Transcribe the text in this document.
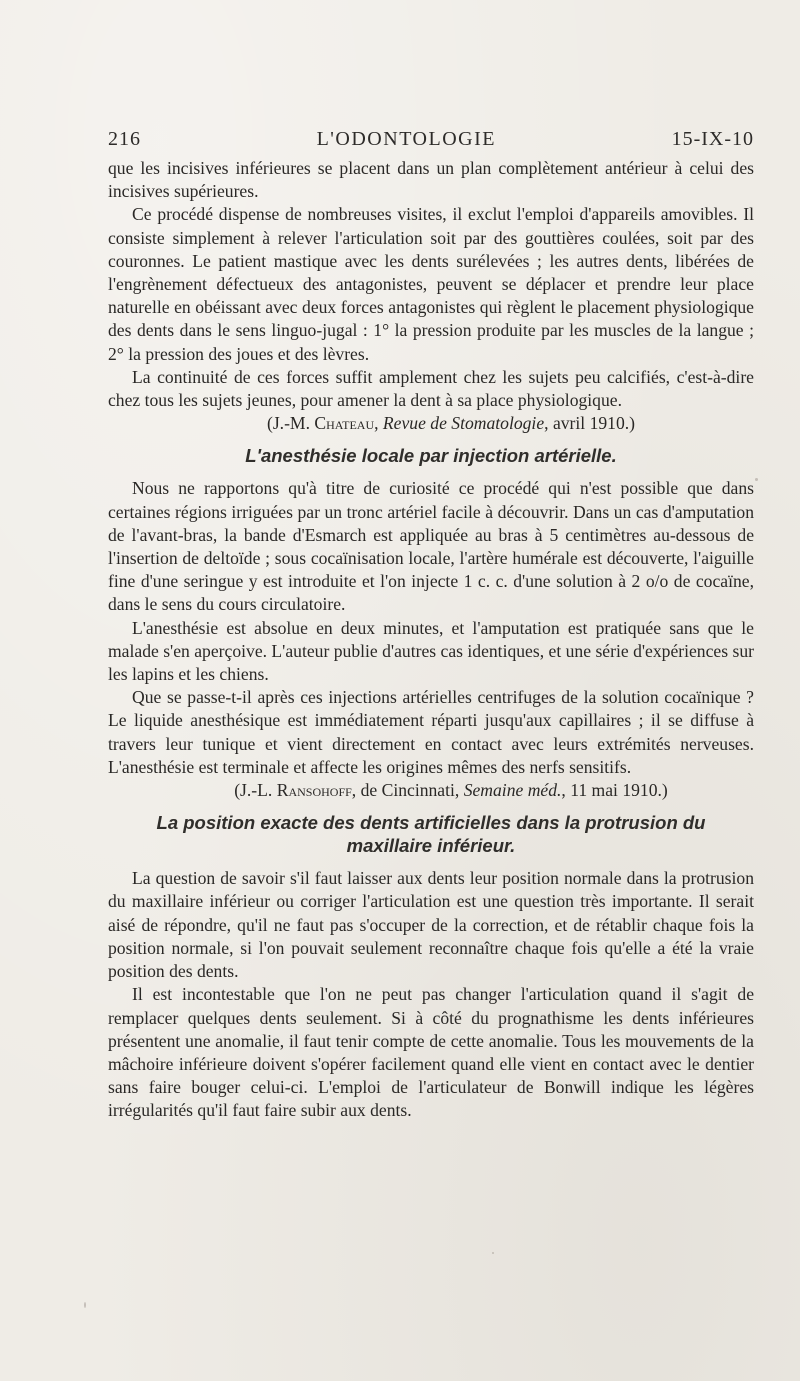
216	L'ODONTOLOGIE	15-IX-10

que les incisives inférieures se placent dans un plan complètement antérieur à celui des incisives supérieures.

Ce procédé dispense de nombreuses visites, il exclut l'emploi d'appareils amovibles. Il consiste simplement à relever l'articulation soit par des gouttières coulées, soit par des couronnes. Le patient mastique avec les dents surélevées ; les autres dents, libérées de l'engrènement défectueux des antagonistes, peuvent se déplacer et prendre leur place naturelle en obéissant avec deux forces antagonistes qui règlent le placement physiologique des dents dans le sens linguo-jugal : 1° la pression produite par les muscles de la langue ; 2° la pression des joues et des lèvres.

La continuité de ces forces suffit amplement chez les sujets peu calcifiés, c'est-à-dire chez tous les sujets jeunes, pour amener la dent à sa place physiologique.

(J.-M. Chateau, Revue de Stomatologie, avril 1910.)
L'anesthésie locale par injection artérielle.

Nous ne rapportons qu'à titre de curiosité ce procédé qui n'est possible que dans certaines régions irriguées par un tronc artériel facile à découvrir. Dans un cas d'amputation de l'avant-bras, la bande d'Esmarch est appliquée au bras à 5 centimètres au-dessous de l'insertion de deltoïde ; sous cocaïnisation locale, l'artère humérale est découverte, l'aiguille fine d'une seringue y est introduite et l'on injecte 1 c. c. d'une solution à 2 o/o de cocaïne, dans le sens du cours circulatoire.

L'anesthésie est absolue en deux minutes, et l'amputation est pratiquée sans que le malade s'en aperçoive. L'auteur publie d'autres cas identiques, et une série d'expériences sur les lapins et les chiens.

Que se passe-t-il après ces injections artérielles centrifuges de la solution cocaïnique ? Le liquide anesthésique est immédiatement réparti jusqu'aux capillaires ; il se diffuse à travers leur tunique et vient directement en contact avec leurs extrémités nerveuses. L'anesthésie est terminale et affecte les origines mêmes des nerfs sensitifs.

(J.-L. Ransohoff, de Cincinnati, Semaine méd., 11 mai 1910.)
La position exacte des dents artificielles dans la protrusion du
maxillaire inférieur.

La question de savoir s'il faut laisser aux dents leur position normale dans la protrusion du maxillaire inférieur ou corriger l'articulation est une question très importante. Il serait aisé de répondre, qu'il ne faut pas s'occuper de la correction, et de rétablir chaque fois la position normale, si l'on pouvait seulement reconnaître chaque fois qu'elle a été la vraie position des dents.

Il est incontestable que l'on ne peut pas changer l'articulation quand il s'agit de remplacer quelques dents seulement. Si à côté du prognathisme les dents inférieures présentent une anomalie, il faut tenir compte de cette anomalie. Tous les mouvements de la mâchoire inférieure doivent s'opérer facilement quand elle vient en contact avec le dentier sans faire bouger celui-ci. L'emploi de l'articulateur de Bonwill indique les légères irrégularités qu'il faut faire subir aux dents.
